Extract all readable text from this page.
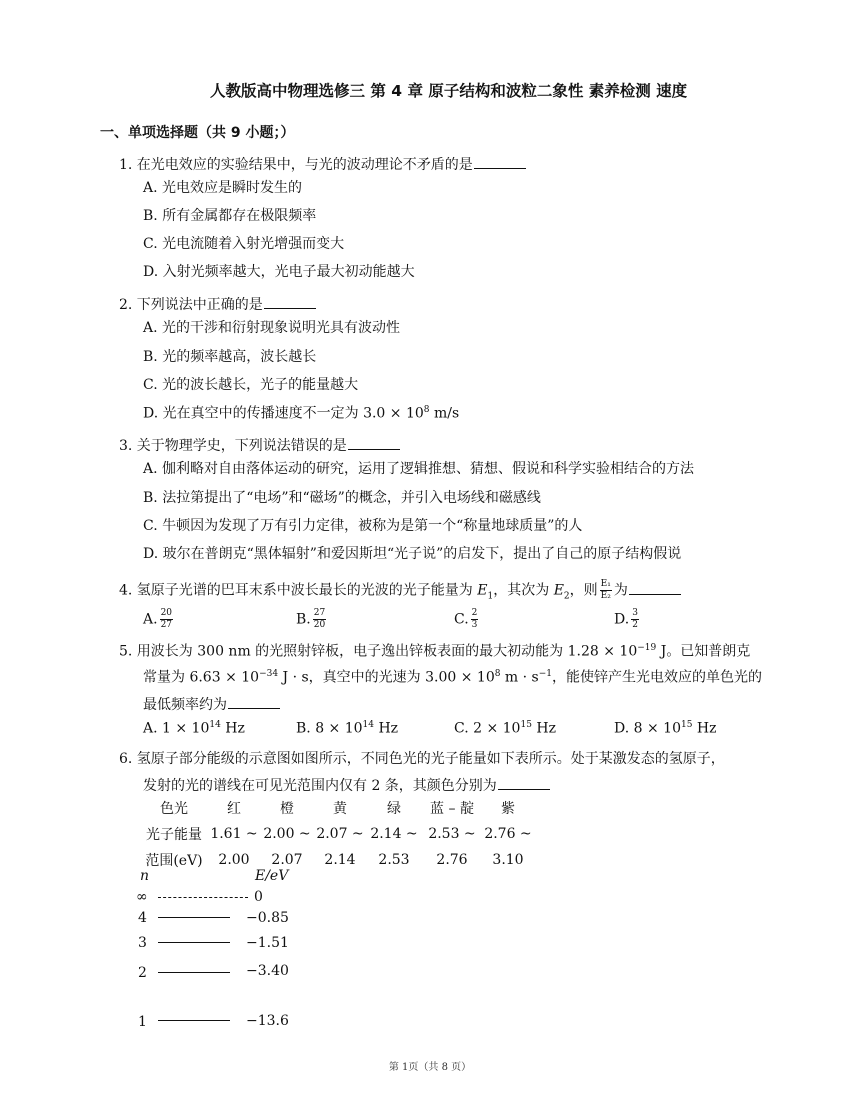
人教版高中物理选修三 第 4 章 原子结构和波粒二象性 素养检测 速度
一、单项选择题（共 9 小题；）
1. 在光电效应的实验结果中，与光的波动理论不矛盾的是
A. 光电效应是瞬时发生的
B. 所有金属都存在极限频率
C. 光电流随着入射光增强而变大
D. 入射光频率越大，光电子最大初动能越大
2. 下列说法中正确的是
A. 光的干涉和衍射现象说明光具有波动性
B. 光的频率越高，波长越长
C. 光的波长越长，光子的能量越大
D. 光在真空中的传播速度不一定为 $3.0 \times 10^8$ m/s
3. 关于物理学史，下列说法错误的是
A. 伽利略对自由落体运动的研究，运用了逻辑推想、猜想、假说和科学实验相结合的方法
B. 法拉第提出了“电场”和“磁场”的概念，并引入电场线和磁感线
C. 牛顿因为发现了万有引力定律，被称为是第一个“称量地球质量”的人
D. 玻尔在普朗克“黑体辐射”和爱因斯坦“光子说”的启发下，提出了自己的原子结构假说
4. 氢原子光谱的巴耳末系中波长最长的光波的光子能量为 $E_1$，其次为 $E_2$，则 $\frac{\text{E₁}}{\text{E₂}}$ 为
A. $\frac{20}{27}$	B. $\frac{27}{20}$	C. $\frac{2}{3}$	D. $\frac{3}{2}$
5. 用波长为 300 nm 的光照射锌板，电子逸出锌板表面的最大初动能为 $1.28 \times 10^{-19}$ J。已知普朗克
常量为 $6.63 \times 10^{-34}$ J · s，真空中的光速为 $3.00 \times 10^8$ $m \cdot s^{-1}$，能使锌产生光电效应的单色光的
最低频率约为
A. $1 \times 10^{14}$ Hz	B. $8 \times 10^{14}$ Hz	C. $2 \times 10^{15}$ Hz	D. $8 \times 10^{15}$ Hz
6. 氢原子部分能级的示意图如图所示，不同色光的光子能量如下表所示。处于某激发态的氢原子，
发射的光的谱线在可见光范围内仅有 2 条，其颜色分别为
色光	红	橙	黄	绿	蓝 – 靛	紫
光子能量	1.61 ~	2.00 ~	2.07 ~	2.14 ~	2.53 ~	2.76 ~
范围(eV)	2.00	2.07	2.14	2.53	2.76	3.10
n	E/eV
∞	0
4	−0.85
3	−1.51
2	−3.40
1	−13.6
第 1页（共 8 页）
